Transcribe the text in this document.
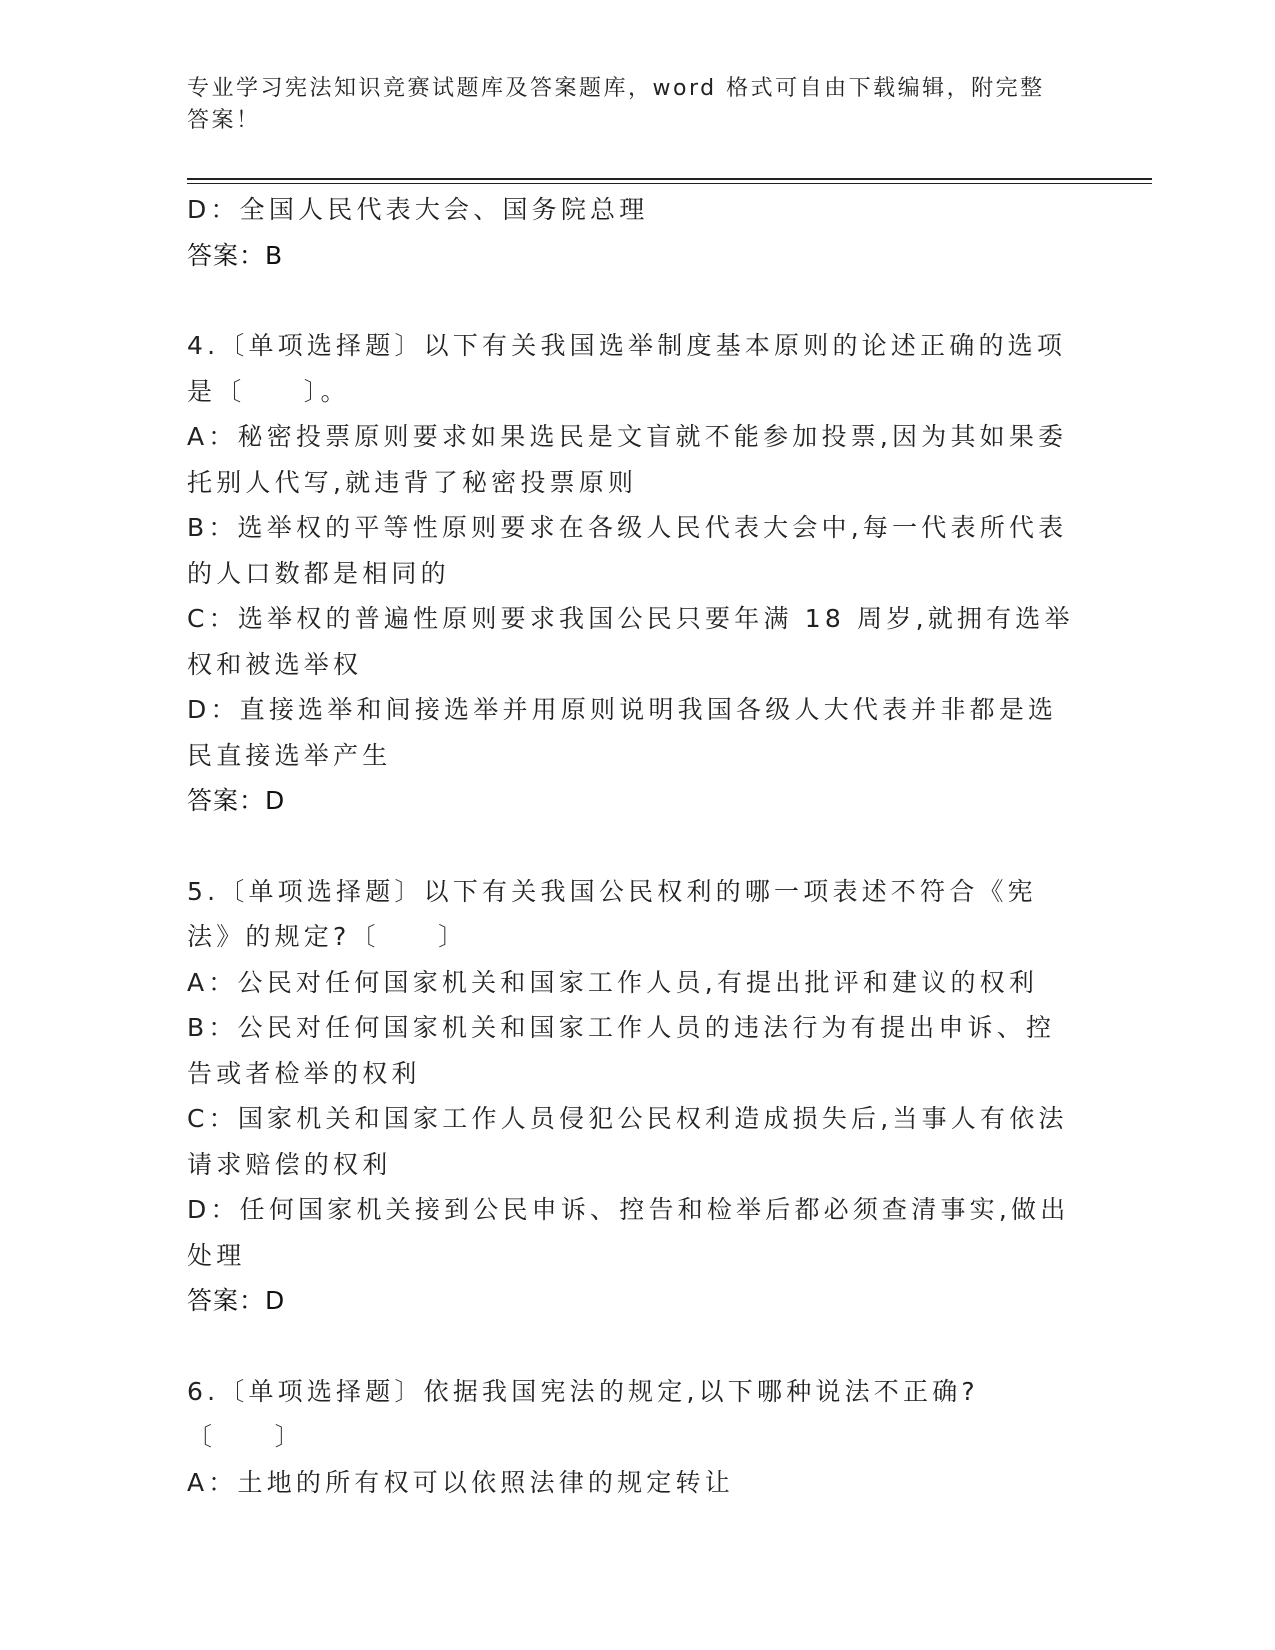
专业学习宪法知识竞赛试题库及答案题库，word 格式可自由下载编辑，附完整答案！
D：全国人民代表大会、国务院总理
答案：B
4.〔单项选择题〕以下有关我国选举制度基本原则的论述正确的选项是〔　　〕。
A：秘密投票原则要求如果选民是文盲就不能参加投票,因为其如果委托别人代写,就违背了秘密投票原则
B：选举权的平等性原则要求在各级人民代表大会中,每一代表所代表的人口数都是相同的
C：选举权的普遍性原则要求我国公民只要年满 18 周岁,就拥有选举权和被选举权
D：直接选举和间接选举并用原则说明我国各级人大代表并非都是选民直接选举产生
答案：D
5.〔单项选择题〕以下有关我国公民权利的哪一项表述不符合《宪法》的规定?〔　　〕
A：公民对任何国家机关和国家工作人员,有提出批评和建议的权利
B：公民对任何国家机关和国家工作人员的违法行为有提出申诉、控告或者检举的权利
C：国家机关和国家工作人员侵犯公民权利造成损失后,当事人有依法请求赔偿的权利
D：任何国家机关接到公民申诉、控告和检举后都必须查清事实,做出处理
答案：D
6.〔单项选择题〕依据我国宪法的规定,以下哪种说法不正确?〔　　〕
A：土地的所有权可以依照法律的规定转让
